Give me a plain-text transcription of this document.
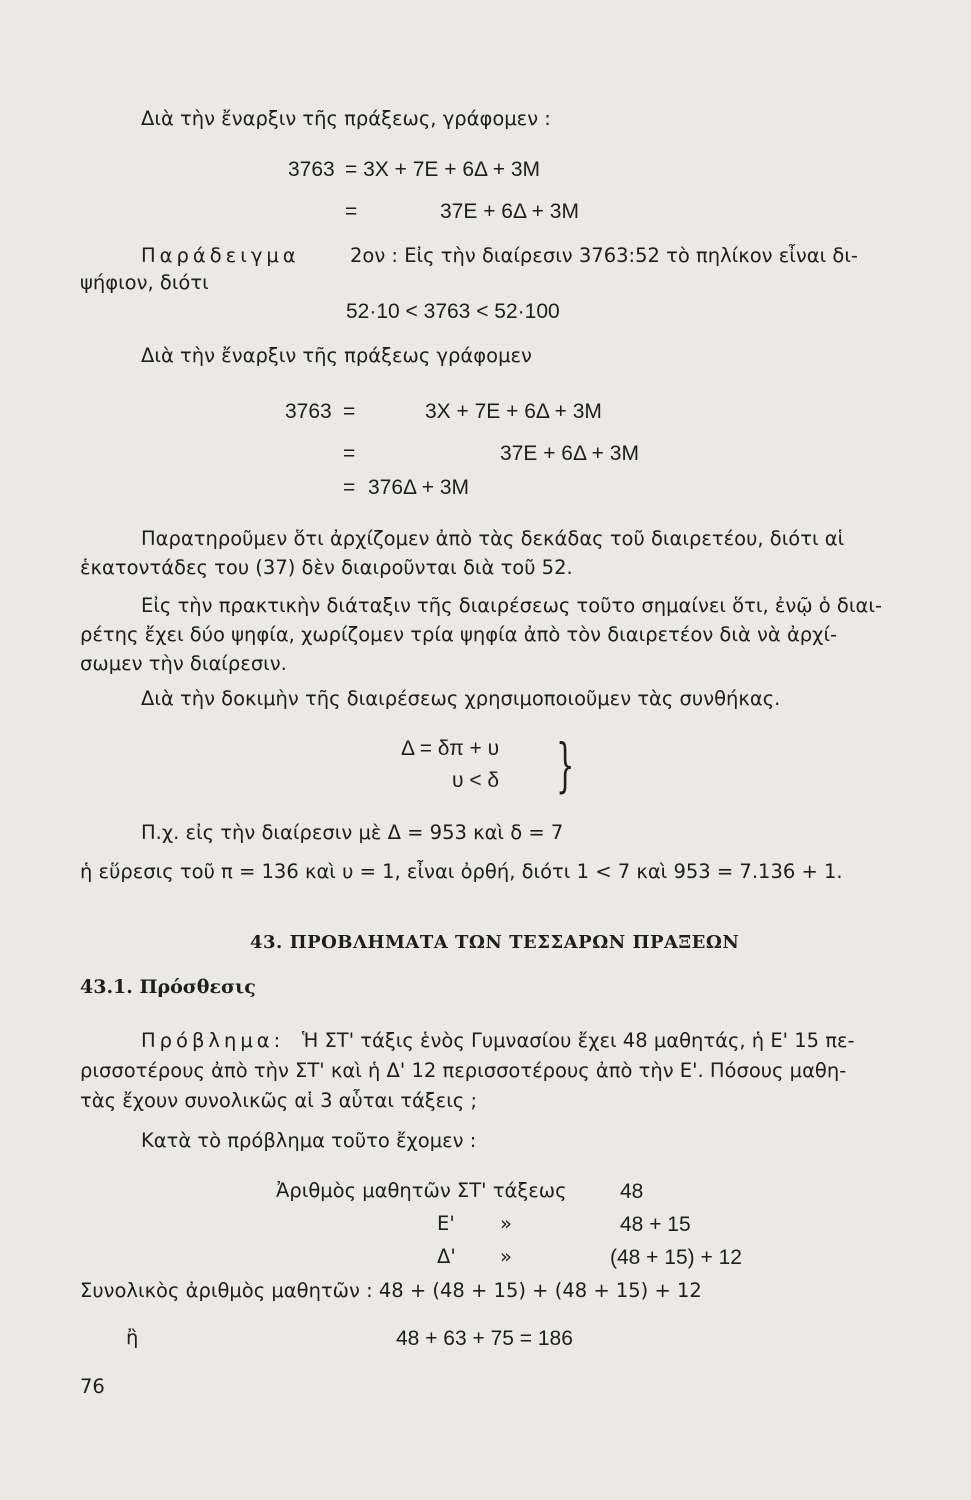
Διὰ τὴν ἔναρξιν τῆς πράξεως, γράφομεν :
3763 = 3X + 7E + 6Δ + 3M
=	37E + 6Δ + 3M
Παράδειγμα	2ον : Εἰς τὴν διαίρεσιν 3763:52 τὸ πηλίκον εἶναι δι-
ψήφιον, διότι
52·10 < 3763 < 52·100
Διὰ τὴν ἔναρξιν τῆς πράξεως γράφομεν
3763 =	3X + 7E + 6Δ + 3M
=	37E + 6Δ + 3M
= 376Δ + 3M
Παρατηροῦμεν ὅτι ἀρχίζομεν ἀπὸ τὰς δεκάδας τοῦ διαιρετέου, διότι αἱ
ἑκατοντάδες του (37) δὲν διαιροῦνται διὰ τοῦ 52.
Εἰς τὴν πρακτικὴν διάταξιν τῆς διαιρέσεως τοῦτο σημαίνει ὅτι, ἐνῷ ὁ διαι-
ρέτης ἔχει δύο ψηφία, χωρίζομεν τρία ψηφία ἀπὸ τὸν διαιρετέον διὰ νὰ ἀρχί-
σωμεν τὴν διαίρεσιν.
Διὰ τὴν δοκιμὴν τῆς διαιρέσεως χρησιμοποιοῦμεν τὰς συνθήκας.
Δ = δπ + υ
υ < δ }
Π.χ. εἰς τὴν διαίρεσιν μὲ Δ = 953 καὶ δ = 7
ἡ εὕρεσις τοῦ π = 136 καὶ υ = 1, εἶναι ὀρθή, διότι 1 < 7 καὶ 953 = 7.136 + 1.
43. ΠΡΟΒΛΗΜΑΤΑ ΤΩΝ ΤΕΣΣΑΡΩΝ ΠΡΑΞΕΩΝ
43.1. Πρόσθεσις
Πρόβλημα: Ἡ ΣΤ' τάξις ἑνὸς Γυμνασίου ἔχει 48 μαθητάς, ἡ Ε' 15 πε-
ρισσοτέρους ἀπὸ τὴν ΣΤ' καὶ ἡ Δ' 12 περισσοτέρους ἀπὸ τὴν Ε'. Πόσους μαθη-
τὰς ἔχουν συνολικῶς αἱ 3 αὗται τάξεις ;
Κατὰ τὸ πρόβλημα τοῦτο ἔχομεν :
Ἀριθμὸς μαθητῶν ΣΤ' τάξεως	48
Ε' »	48 + 15
Δ' »	(48 + 15) + 12
Συνολικὸς ἀριθμὸς μαθητῶν : 48 + (48 + 15) + (48 + 15) + 12
ἢ	48 + 63 + 75 = 186
76
